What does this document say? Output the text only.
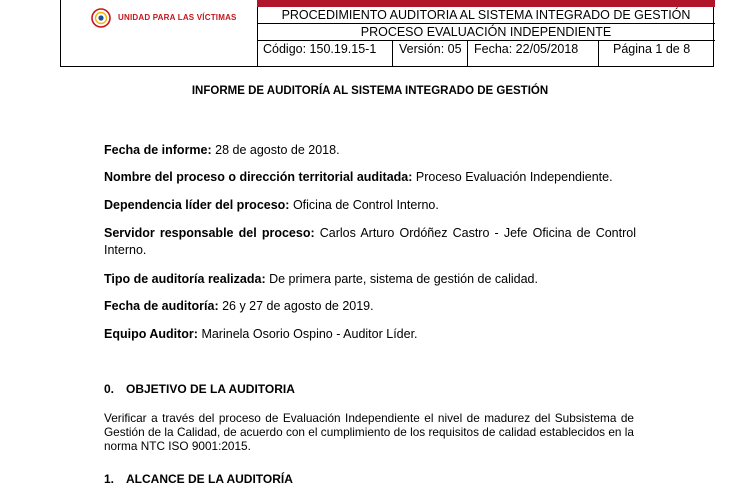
UNIDAD PARA LAS VÍCTIMAS	PROCEDIMIENTO AUDITORIA AL SISTEMA INTEGRADO DE GESTIÓN
PROCESO EVALUACIÓN INDEPENDIENTE
Código: 150.19.15-1	Versión: 05 Fecha: 22/05/2018	Página 1 de 8
INFORME DE AUDITORÍA AL SISTEMA INTEGRADO DE GESTIÓN
Fecha de informe: 28 de agosto de 2018.
Nombre del proceso o dirección territorial auditada: Proceso Evaluación Independiente.
Dependencia líder del proceso: Oficina de Control Interno.
Servidor responsable del proceso: Carlos Arturo Ordóñez Castro - Jefe Oficina de Control Interno.
Tipo de auditoría realizada: De primera parte, sistema de gestión de calidad.
Fecha de auditoría: 26 y 27 de agosto de 2019.
Equipo Auditor: Marinela Osorio Ospino - Auditor Líder.
0. OBJETIVO DE LA AUDITORIA
Verificar a través del proceso de Evaluación Independiente el nivel de madurez del Subsistema de Gestión de la Calidad, de acuerdo con el cumplimiento de los requisitos de calidad establecidos en la norma NTC ISO 9001:2015.
1. ALCANCE DE LA AUDITORÍA
